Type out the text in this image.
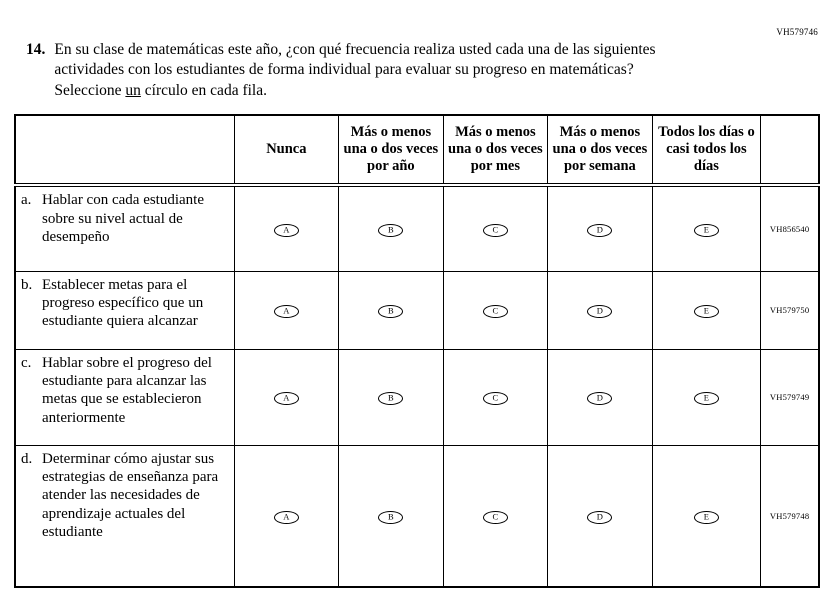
VH579746
14. En su clase de matemáticas este año, ¿con qué frecuencia realiza usted cada una de las siguientes actividades con los estudiantes de forma individual para evaluar su progreso en matemáticas? Seleccione un círculo en cada fila.
	Nunca	Más o menos una o dos veces por año	Más o menos una o dos veces por mes	Más o menos una o dos veces por semana	Todos los días o casi todos los días	

a. Hablar con cada estudiante sobre su nivel actual de desempeño	A	B	C	D	E	VH856540

b. Establecer metas para el progreso específico que un estudiante quiera alcanzar	A	B	C	D	E	VH579750

c. Hablar sobre el progreso del estudiante para alcanzar las metas que se establecieron anteriormente	A	B	C	D	E	VH579749

d. Determinar cómo ajustar sus estrategias de enseñanza para atender las necesidades de aprendizaje actuales del estudiante	A	B	C	D	E	VH579748
